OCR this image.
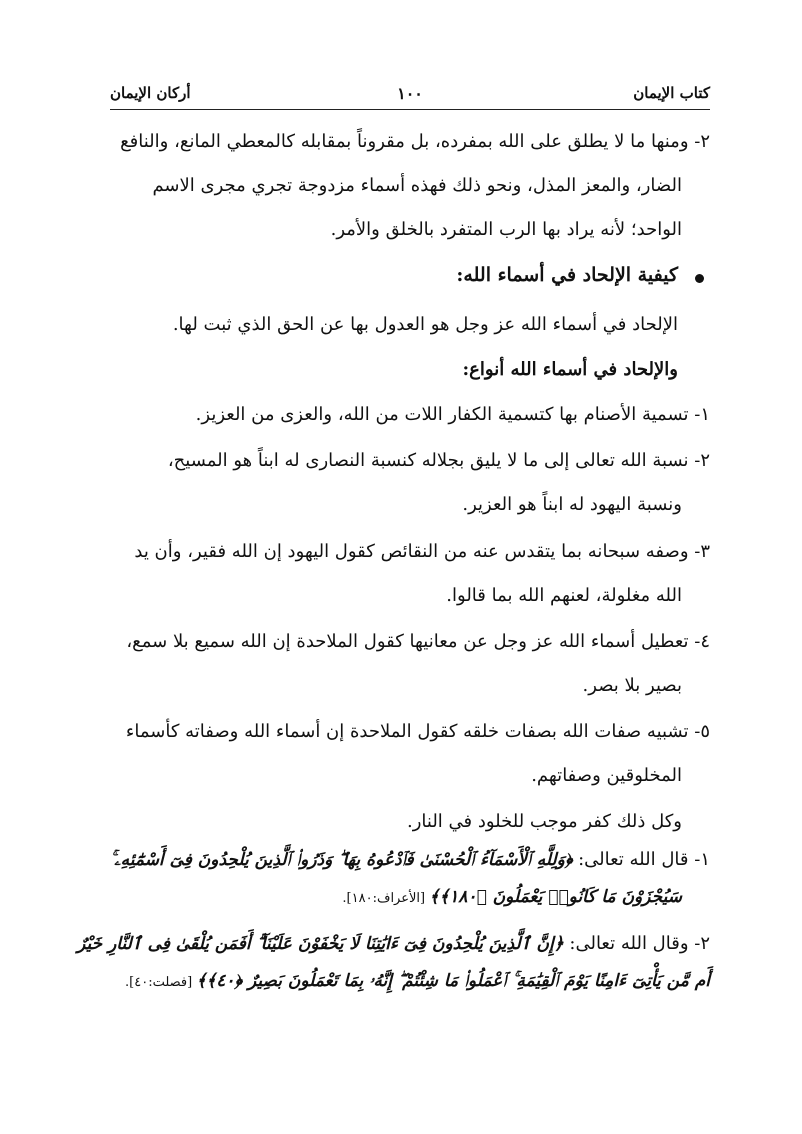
كتاب الإيمان
١٠٠
أركان الإيمان
٢- ومنها ما لا يطلق على الله بمفرده، بل مقروناً بمقابله كالمعطي المانع، والنافع
الضار، والمعز المذل، ونحو ذلك فهذه أسماء مزدوجة تجري مجرى الاسم
الواحد؛ لأنه يراد بها الرب المتفرد بالخلق والأمر.
كيفية الإلحاد في أسماء الله:
الإلحاد في أسماء الله عز وجل هو العدول بها عن الحق الذي ثبت لها.
والإلحاد في أسماء الله أنواع:
١- تسمية الأصنام بها كتسمية الكفار اللات من الله، والعزى من العزيز.
٢- نسبة الله تعالى إلى ما لا يليق بجلاله كنسبة النصارى له ابناً هو المسيح،
ونسبة اليهود له ابناً هو العزير.
٣- وصفه سبحانه بما يتقدس عنه من النقائص كقول اليهود إن الله فقير، وأن يد
الله مغلولة، لعنهم الله بما قالوا.
٤- تعطيل أسماء الله عز وجل عن معانيها كقول الملاحدة إن الله سميع بلا سمع،
بصير بلا بصر.
٥- تشبيه صفات الله بصفات خلقه كقول الملاحدة إن أسماء الله وصفاته كأسماء
المخلوقين وصفاتهم.
وكل ذلك كفر موجب للخلود في النار.
١- قال الله تعالى: ﴿وَلِلَّهِ ٱلْأَسْمَآءُ ٱلْحُسْنَىٰ فَٱدْعُوهُ بِهَا ۖ وَذَرُوا۟ ٱلَّذِينَ يُلْحِدُونَ فِىٓ أَسْمَٰٓئِهِۦ ۚ
سَيُجْزَوْنَ مَا كَانُوا۟ يَعْمَلُونَ ﴿١٨٠﴾﴾ [الأعراف:١٨٠].
٢- وقال الله تعالى: ﴿إِنَّ ٱلَّذِينَ يُلْحِدُونَ فِىٓ ءَايَٰتِنَا لَا يَخْفَوْنَ عَلَيْنَآ ۗ أَفَمَن يُلْقَىٰ فِى ٱلنَّارِ خَيْرٌ
أَم مَّن يَأْتِىٓ ءَامِنًا يَوْمَ ٱلْقِيَٰمَةِ ۚ ٱعْمَلُوا۟ مَا شِئْتُمْ ۖ إِنَّهُۥ بِمَا تَعْمَلُونَ بَصِيرٌ ﴿٤٠﴾﴾ [فصلت:٤٠].
